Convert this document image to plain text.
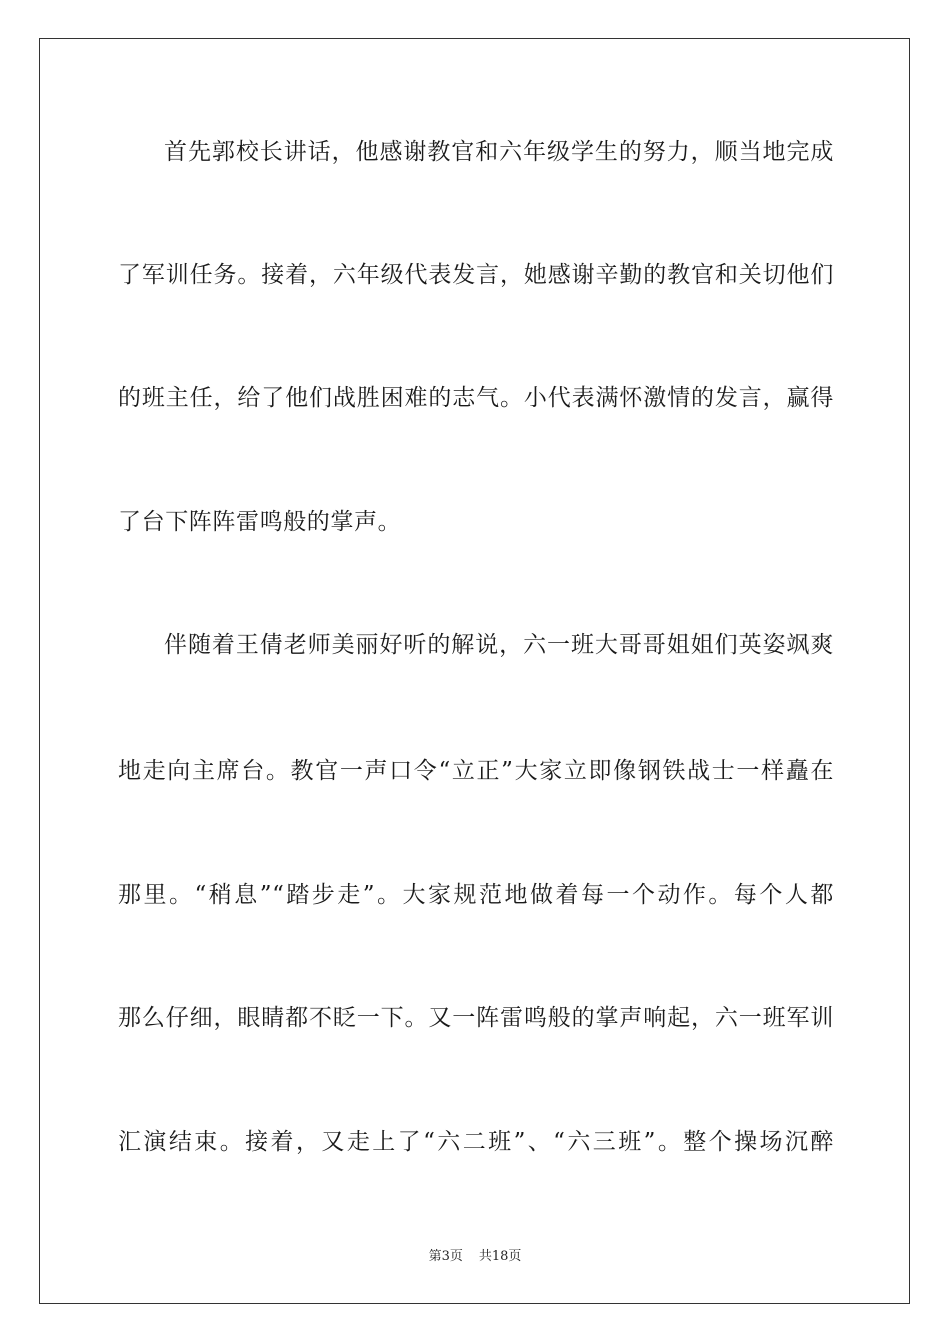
首先郭校长讲话，他感谢教官和六年级学生的努力，顺当地完成
了军训任务。接着，六年级代表发言，她感谢辛勤的教官和关切他们
的班主任，给了他们战胜困难的志气。小代表满怀激情的发言，赢得
了台下阵阵雷鸣般的掌声。
伴随着王倩老师美丽好听的解说，六一班大哥哥姐姐们英姿飒爽
地走向主席台。教官一声口令“立正”大家立即像钢铁战士一样矗在
那里。“稍息”“踏步走”。大家规范地做着每一个动作。每个人都
那么仔细，眼睛都不眨一下。又一阵雷鸣般的掌声响起，六一班军训
汇演结束。接着，又走上了“六二班”、“六三班”。整个操场沉醉
第3页 共18页
